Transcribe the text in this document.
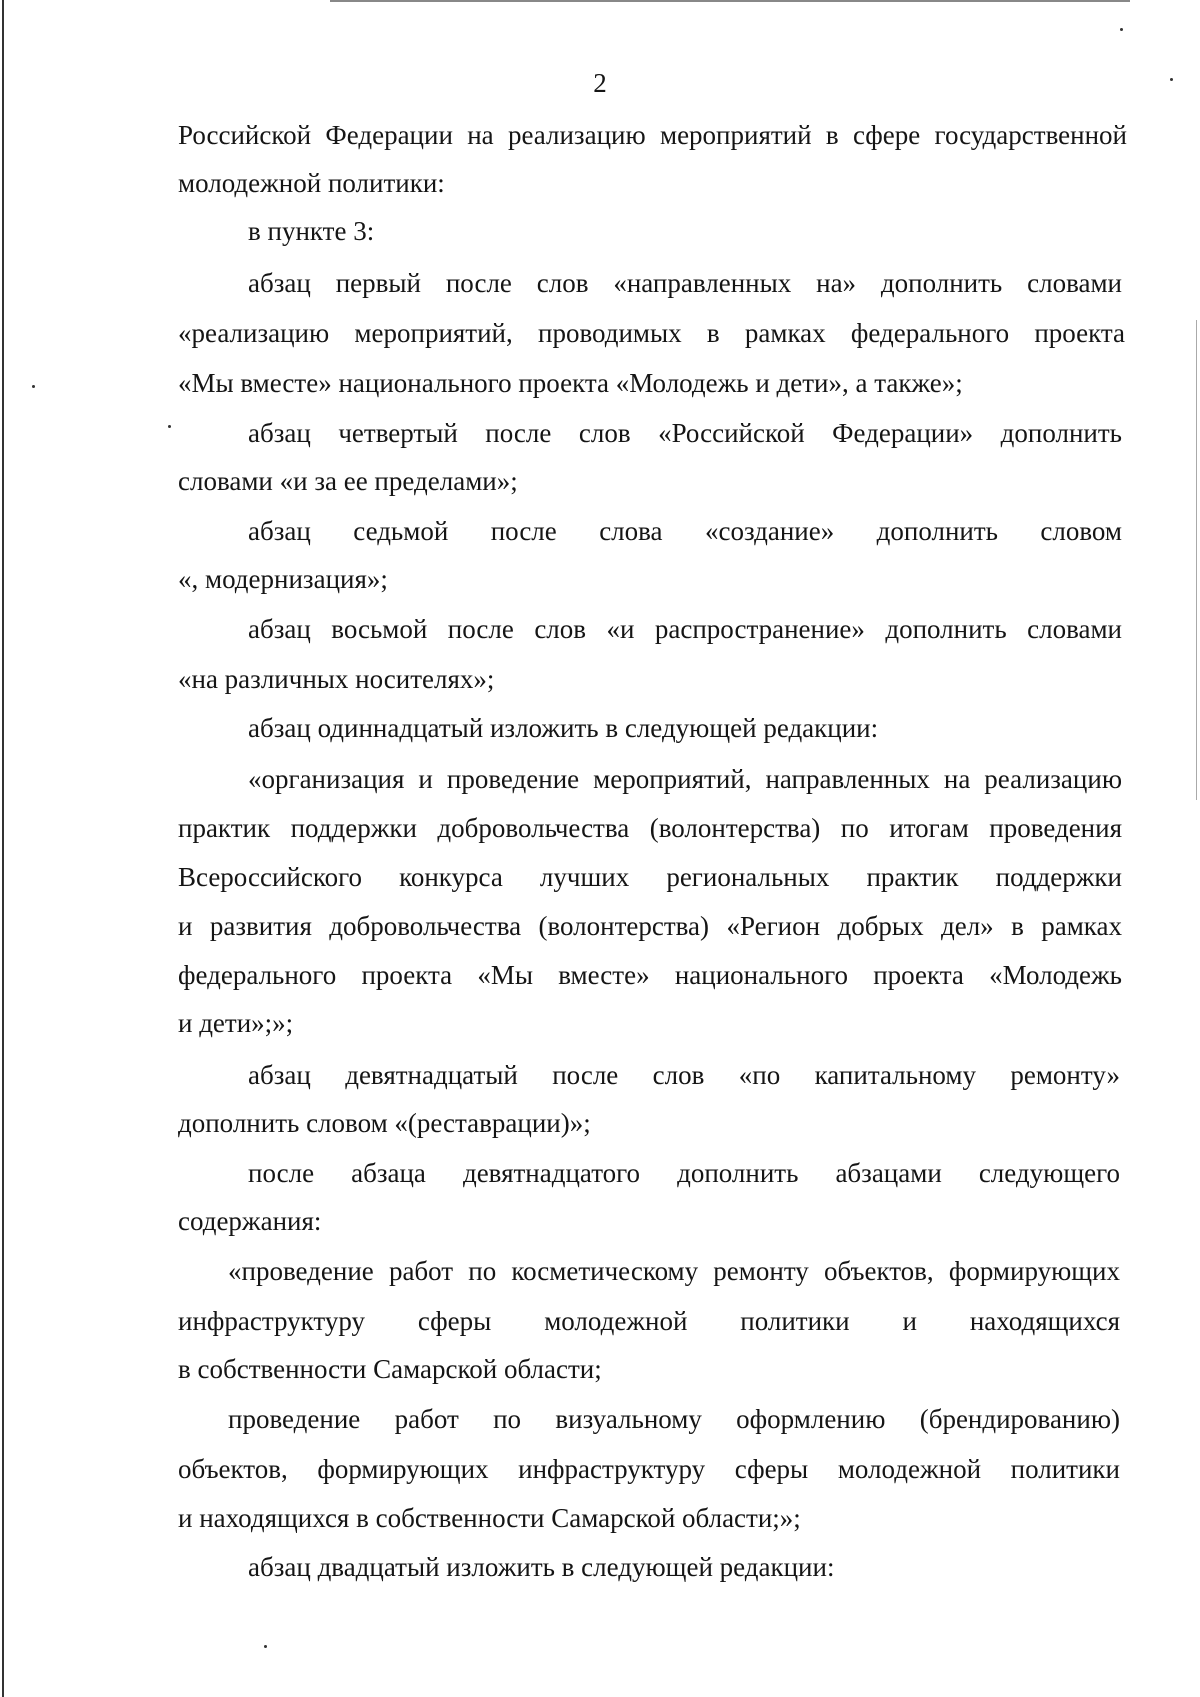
2
Российской Федерации на реализацию мероприятий в сфере государственной
молодежной политики:
в пункте 3:
абзац первый после слов «направленных на» дополнить словами
«реализацию мероприятий, проводимых в рамках федерального проекта
«Мы вместе» национального проекта «Молодежь и дети», а также»;
абзац четвертый после слов «Российской Федерации» дополнить
словами «и за ее пределами»;
абзац седьмой после слова «создание» дополнить словом
«, модернизация»;
абзац восьмой после слов «и распространение» дополнить словами
«на различных носителях»;
абзац одиннадцатый изложить в следующей редакции:
«организация и проведение мероприятий, направленных на реализацию
практик поддержки добровольчества (волонтерства) по итогам проведения
Всероссийского конкурса лучших региональных практик поддержки
и развития добровольчества (волонтерства) «Регион добрых дел» в рамках
федерального проекта «Мы вместе» национального проекта «Молодежь
и дети»;»;
абзац девятнадцатый после слов «по капитальному ремонту»
дополнить словом «(реставрации)»;
после абзаца девятнадцатого дополнить абзацами следующего
содержания:
«проведение работ по косметическому ремонту объектов, формирующих
инфраструктуру сферы молодежной политики и находящихся
в собственности Самарской области;
проведение работ по визуальному оформлению (брендированию)
объектов, формирующих инфраструктуру сферы молодежной политики
и находящихся в собственности Самарской области;»;
абзац двадцатый изложить в следующей редакции:
